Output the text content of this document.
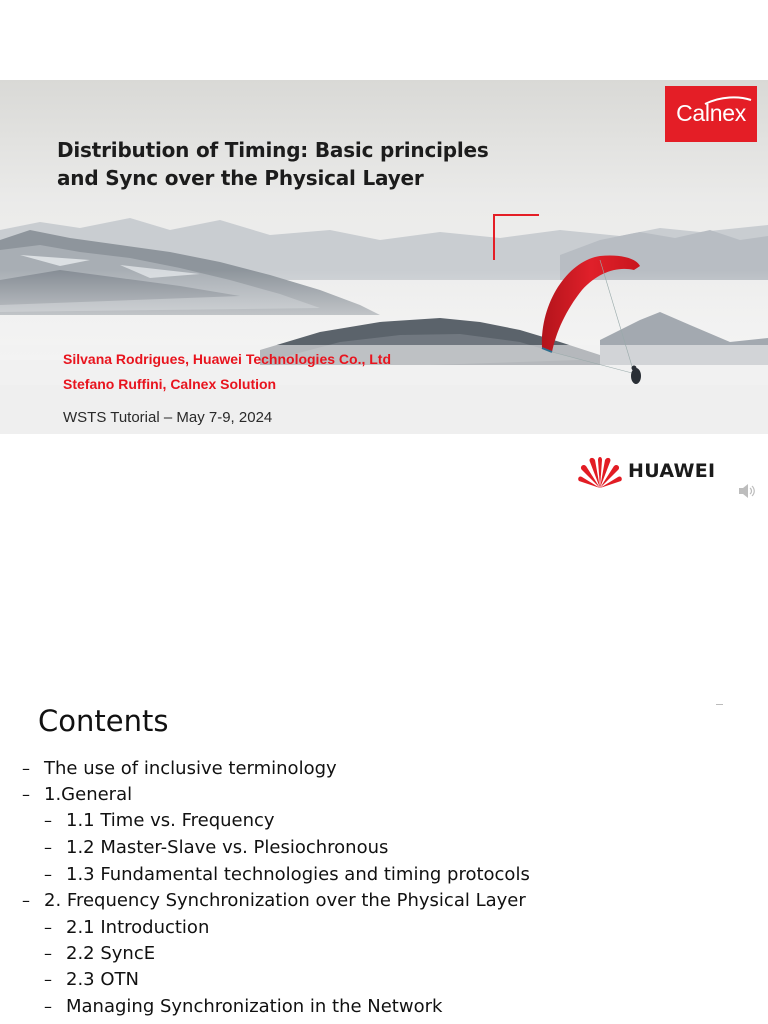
Calnex
Distribution of Timing: Basic principles
and Sync over the Physical Layer
Silvana Rodrigues, Huawei Technologies Co., Ltd
Stefano Ruffini, Calnex Solution
WSTS Tutorial – May 7-9, 2024
HUAWEI
Contents
– The use of inclusive terminology
– 1.General
– 1.1 Time vs. Frequency
– 1.2 Master-Slave vs. Plesiochronous
– 1.3 Fundamental technologies and timing protocols
– 2. Frequency Synchronization over the Physical Layer
– 2.1 Introduction
– 2.2 SyncE
– 2.3 OTN
– Managing Synchronization in the Network
